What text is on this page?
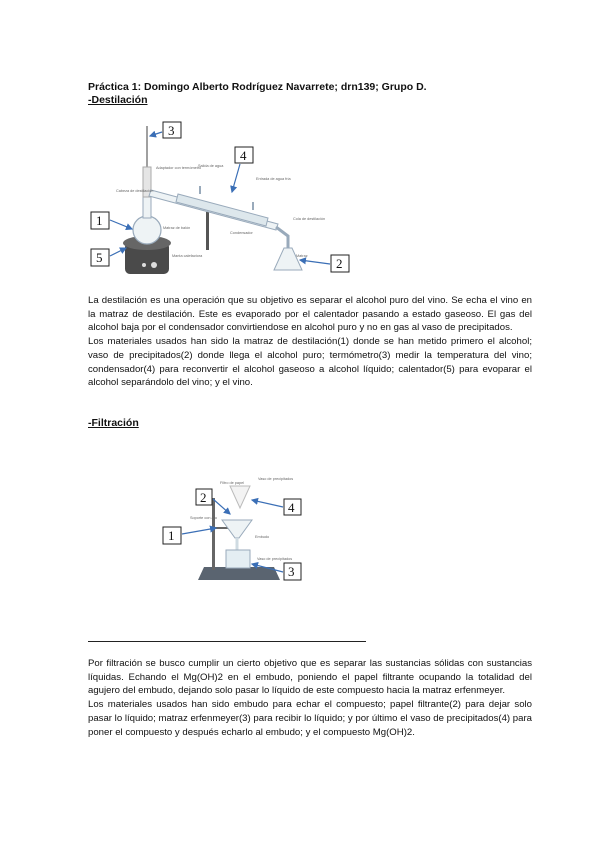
Práctica 1: Domingo Alberto Rodríguez Navarrete; drn139; Grupo D.
-Destilación
Adaptador con termómetro
Cabeza de destilación
Salida de agua
Entrada de agua fría
Matraz de balón
Condensador
Cola de destilación
Manta calefactora	Matraz
3
4
1
5	2

La destilación es una operación que su objetivo es separar el alcohol puro del vino. Se echa el vino en la matraz de destilación. Este es evaporado por el calentador pasando a estado gaseoso. El gas del alcohol baja por el condensador convirtiendose en alcohol puro y no en gas al vaso de precipitados.

Los materiales usados han sido la matraz de destilación(1) donde se han metido primero el alcohol; vaso de precipitados(2) donde llega el alcohol puro; termómetro(3) medir la temperatura del vino; condensador(4) para reconvertir el alcohol gaseoso a alcohol líquido; calentador(5) para evoparar el alcohol separándolo del vino; y el vino.

-Filtración
Filtro de papel
Vaso de precipitados
Soporte con aro
Embudo
Vaso de precipitados
2
1
4
3

Por filtración se busco cumplir un cierto objetivo que es separar las sustancias sólidas con sustancias líquidas. Echando el Mg(OH)2 en el embudo, poniendo el papel filtrante ocupando la totalidad del agujero del embudo, dejando solo pasar lo líquido de este compuesto hacia la matraz erfenmeyer.

Los materiales usados han sido embudo para echar el compuesto; papel filtrante(2) para dejar solo pasar lo líquido; matraz erfenmeyer(3) para recibir lo líquido; y por último el vaso de precipitados(4) para poner el compuesto y después echarlo al embudo; y el compuesto Mg(OH)2.
